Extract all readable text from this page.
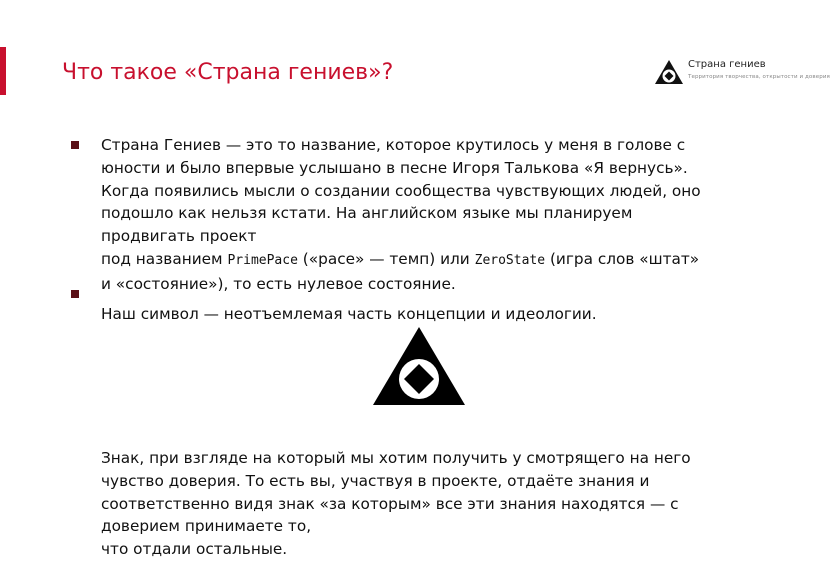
Что такое «Страна гениев»?	Страна гениев
Территория творчества, открытости и доверия
Страна Гениев — это то название, которое крутилось у меня в голове с
юности и было впервые услышано в песне Игоря Талькова «Я вернусь».
Когда появились мысли о создании сообщества чувствующих людей, оно
подошло как нельзя кстати. На английском языке мы планируем
продвигать проект
под названием PrimePace («pace» — темп) или ZeroState (игра слов «штат»
и «состояние»), то есть нулевое состояние.
Наш символ — неотъемлемая часть концепции и идеологии.
Знак, при взгляде на который мы хотим получить у смотрящего на него
чувство доверия. То есть вы, участвуя в проекте, отдаёте знания и
соответственно видя знак «за которым» все эти знания находятся — с
доверием принимаете то,
что отдали остальные.
